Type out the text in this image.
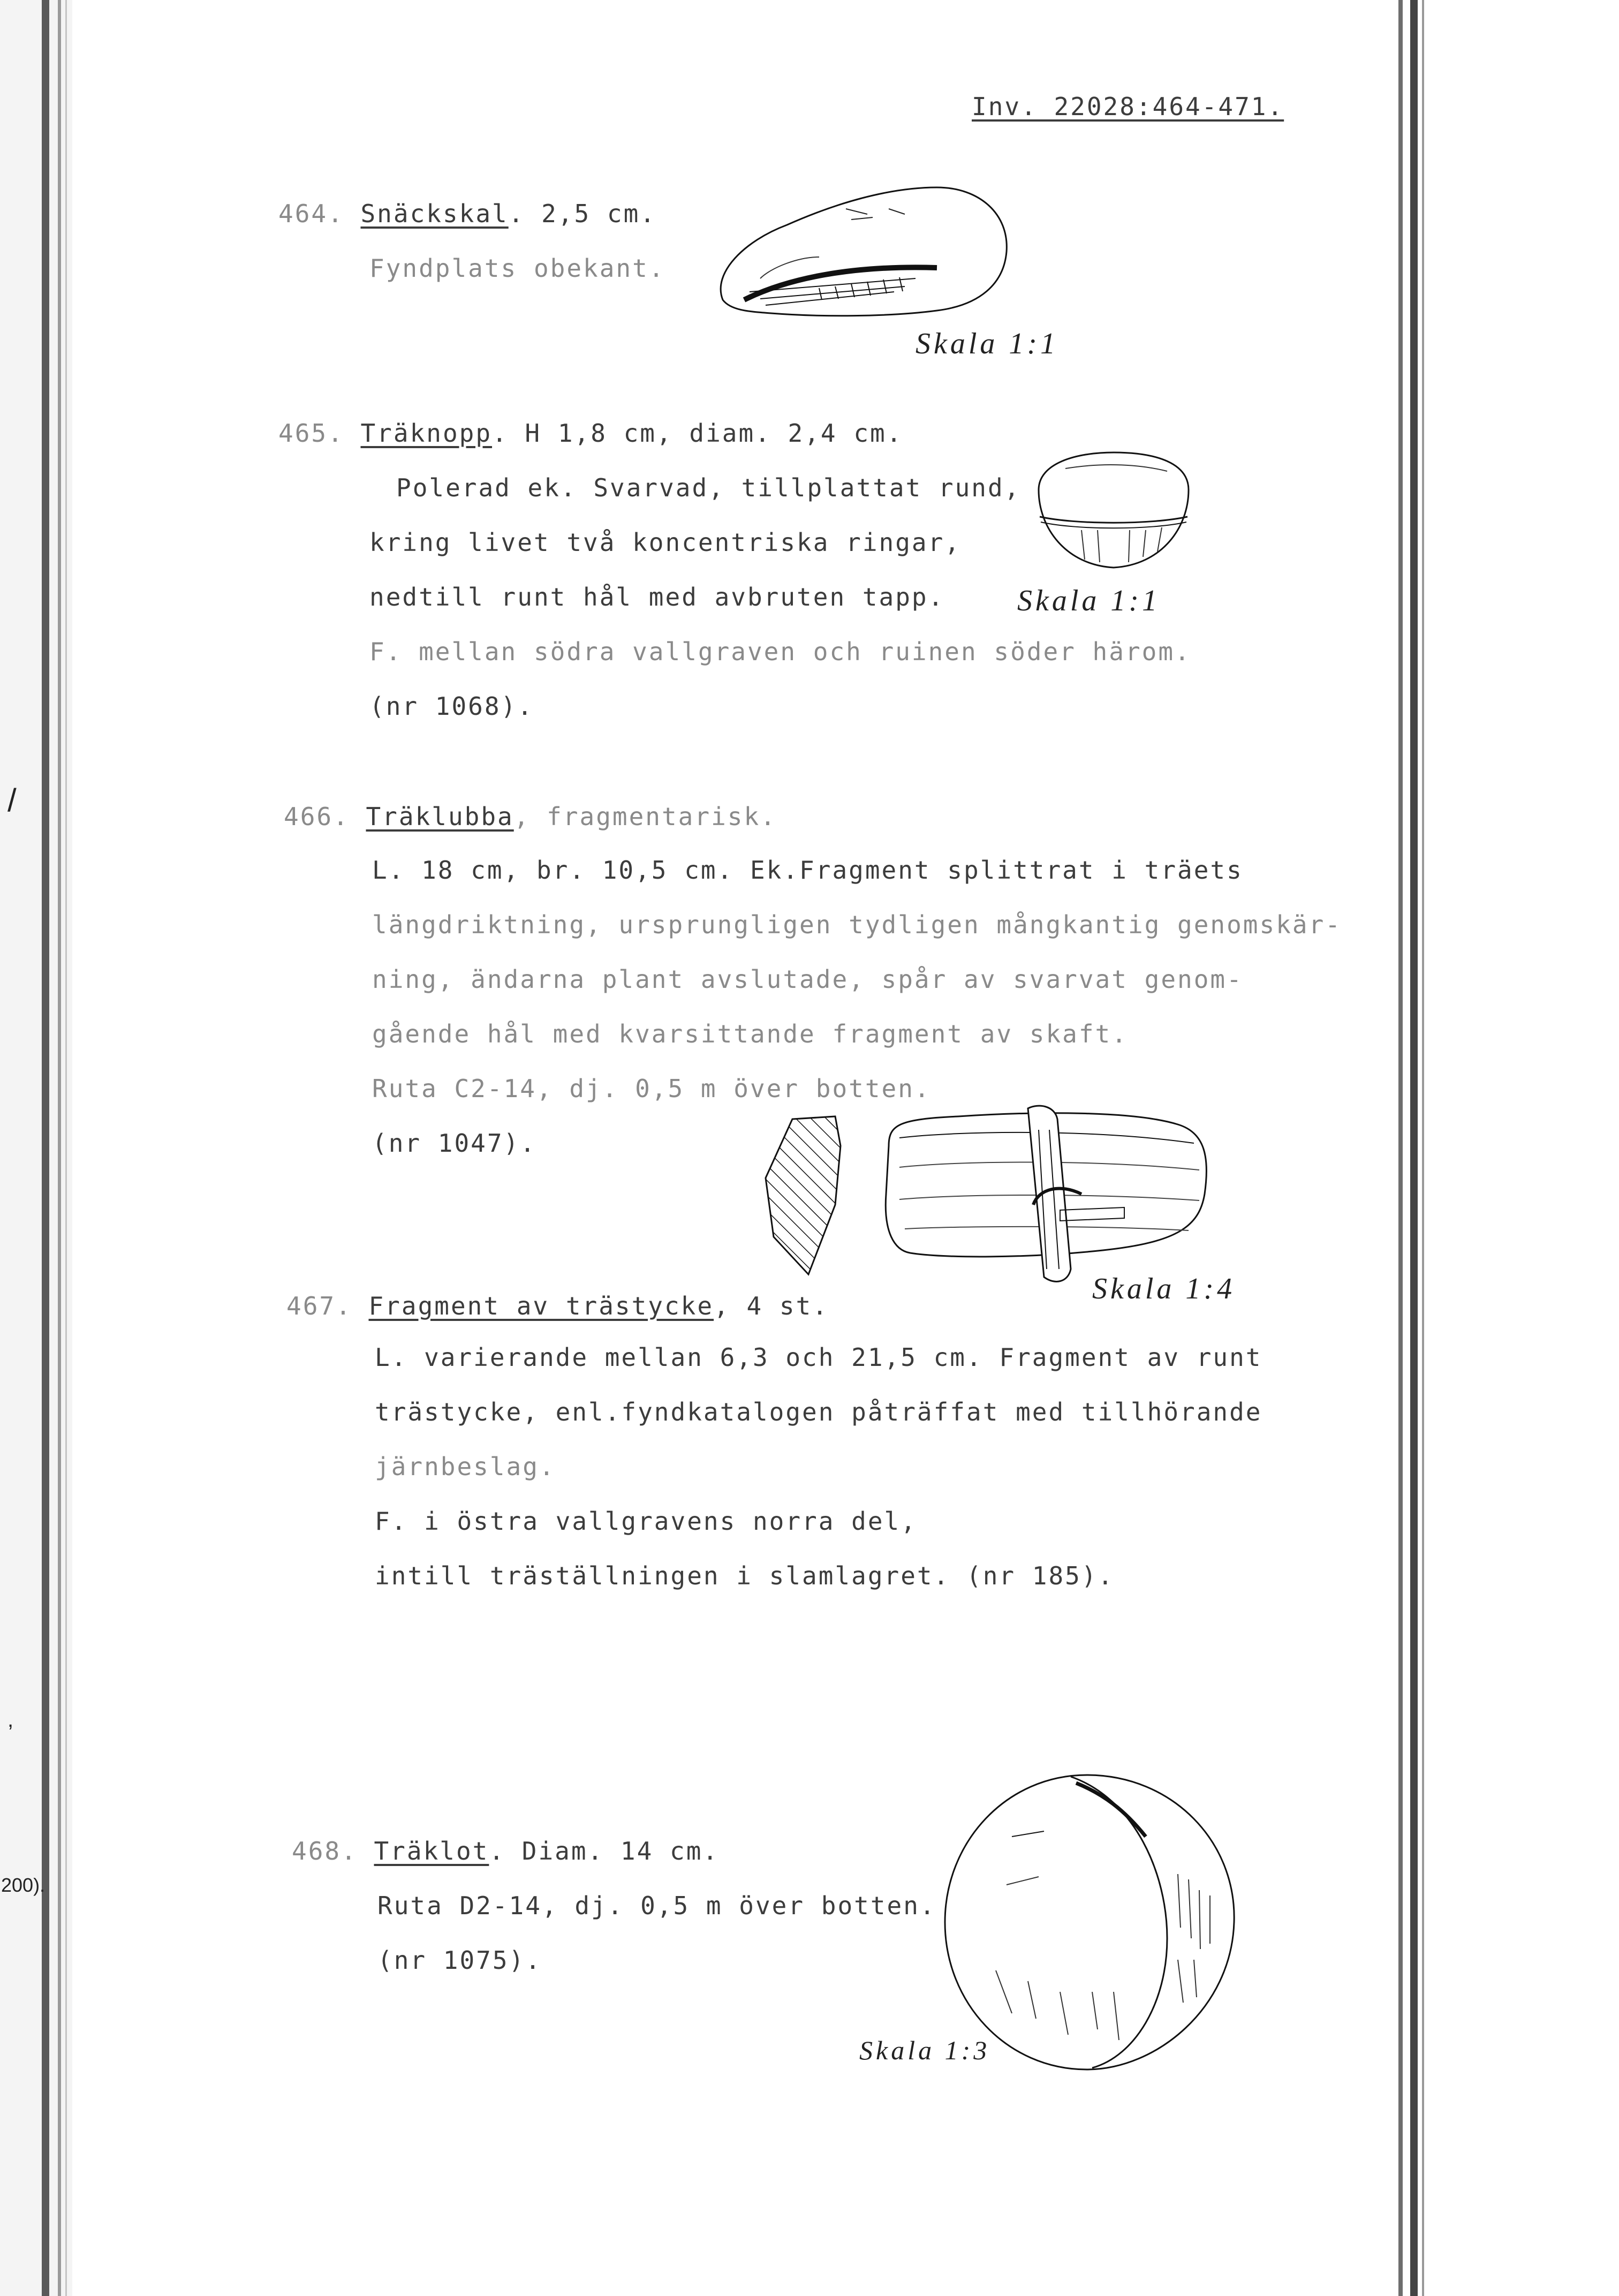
/
,
200).
Inv. 22028:464-471.
464. Snäckskal. 2,5 cm.
Fyndplats obekant.
Skala 1:1
465. Träknopp. H 1,8 cm, diam. 2,4 cm.
Polerad ek. Svarvad, tillplattat rund,
kring livet två koncentriska ringar,
nedtill runt hål med avbruten tapp.
F. mellan södra vallgraven och ruinen söder härom.
(nr 1068).
Skala 1:1
466. Träklubba, fragmentarisk.
L. 18 cm, br. 10,5 cm. Ek.Fragment splittrat i träets
längdriktning, ursprungligen tydligen mångkantig genomskär-
ning, ändarna plant avslutade, spår av svarvat genom-
gående hål med kvarsittande fragment av skaft.
Ruta C2-14, dj. 0,5 m över botten.
(nr 1047).
Skala 1:4
467. Fragment av trästycke, 4 st.
L. varierande mellan 6,3 och 21,5 cm. Fragment av runt
trästycke, enl.fyndkatalogen påträffat med tillhörande
järnbeslag.
F. i östra vallgravens norra del,
intill träställningen i slamlagret. (nr 185).
468. Träklot. Diam. 14 cm.
Ruta D2-14, dj. 0,5 m över botten.
(nr 1075).
Skala 1:3
